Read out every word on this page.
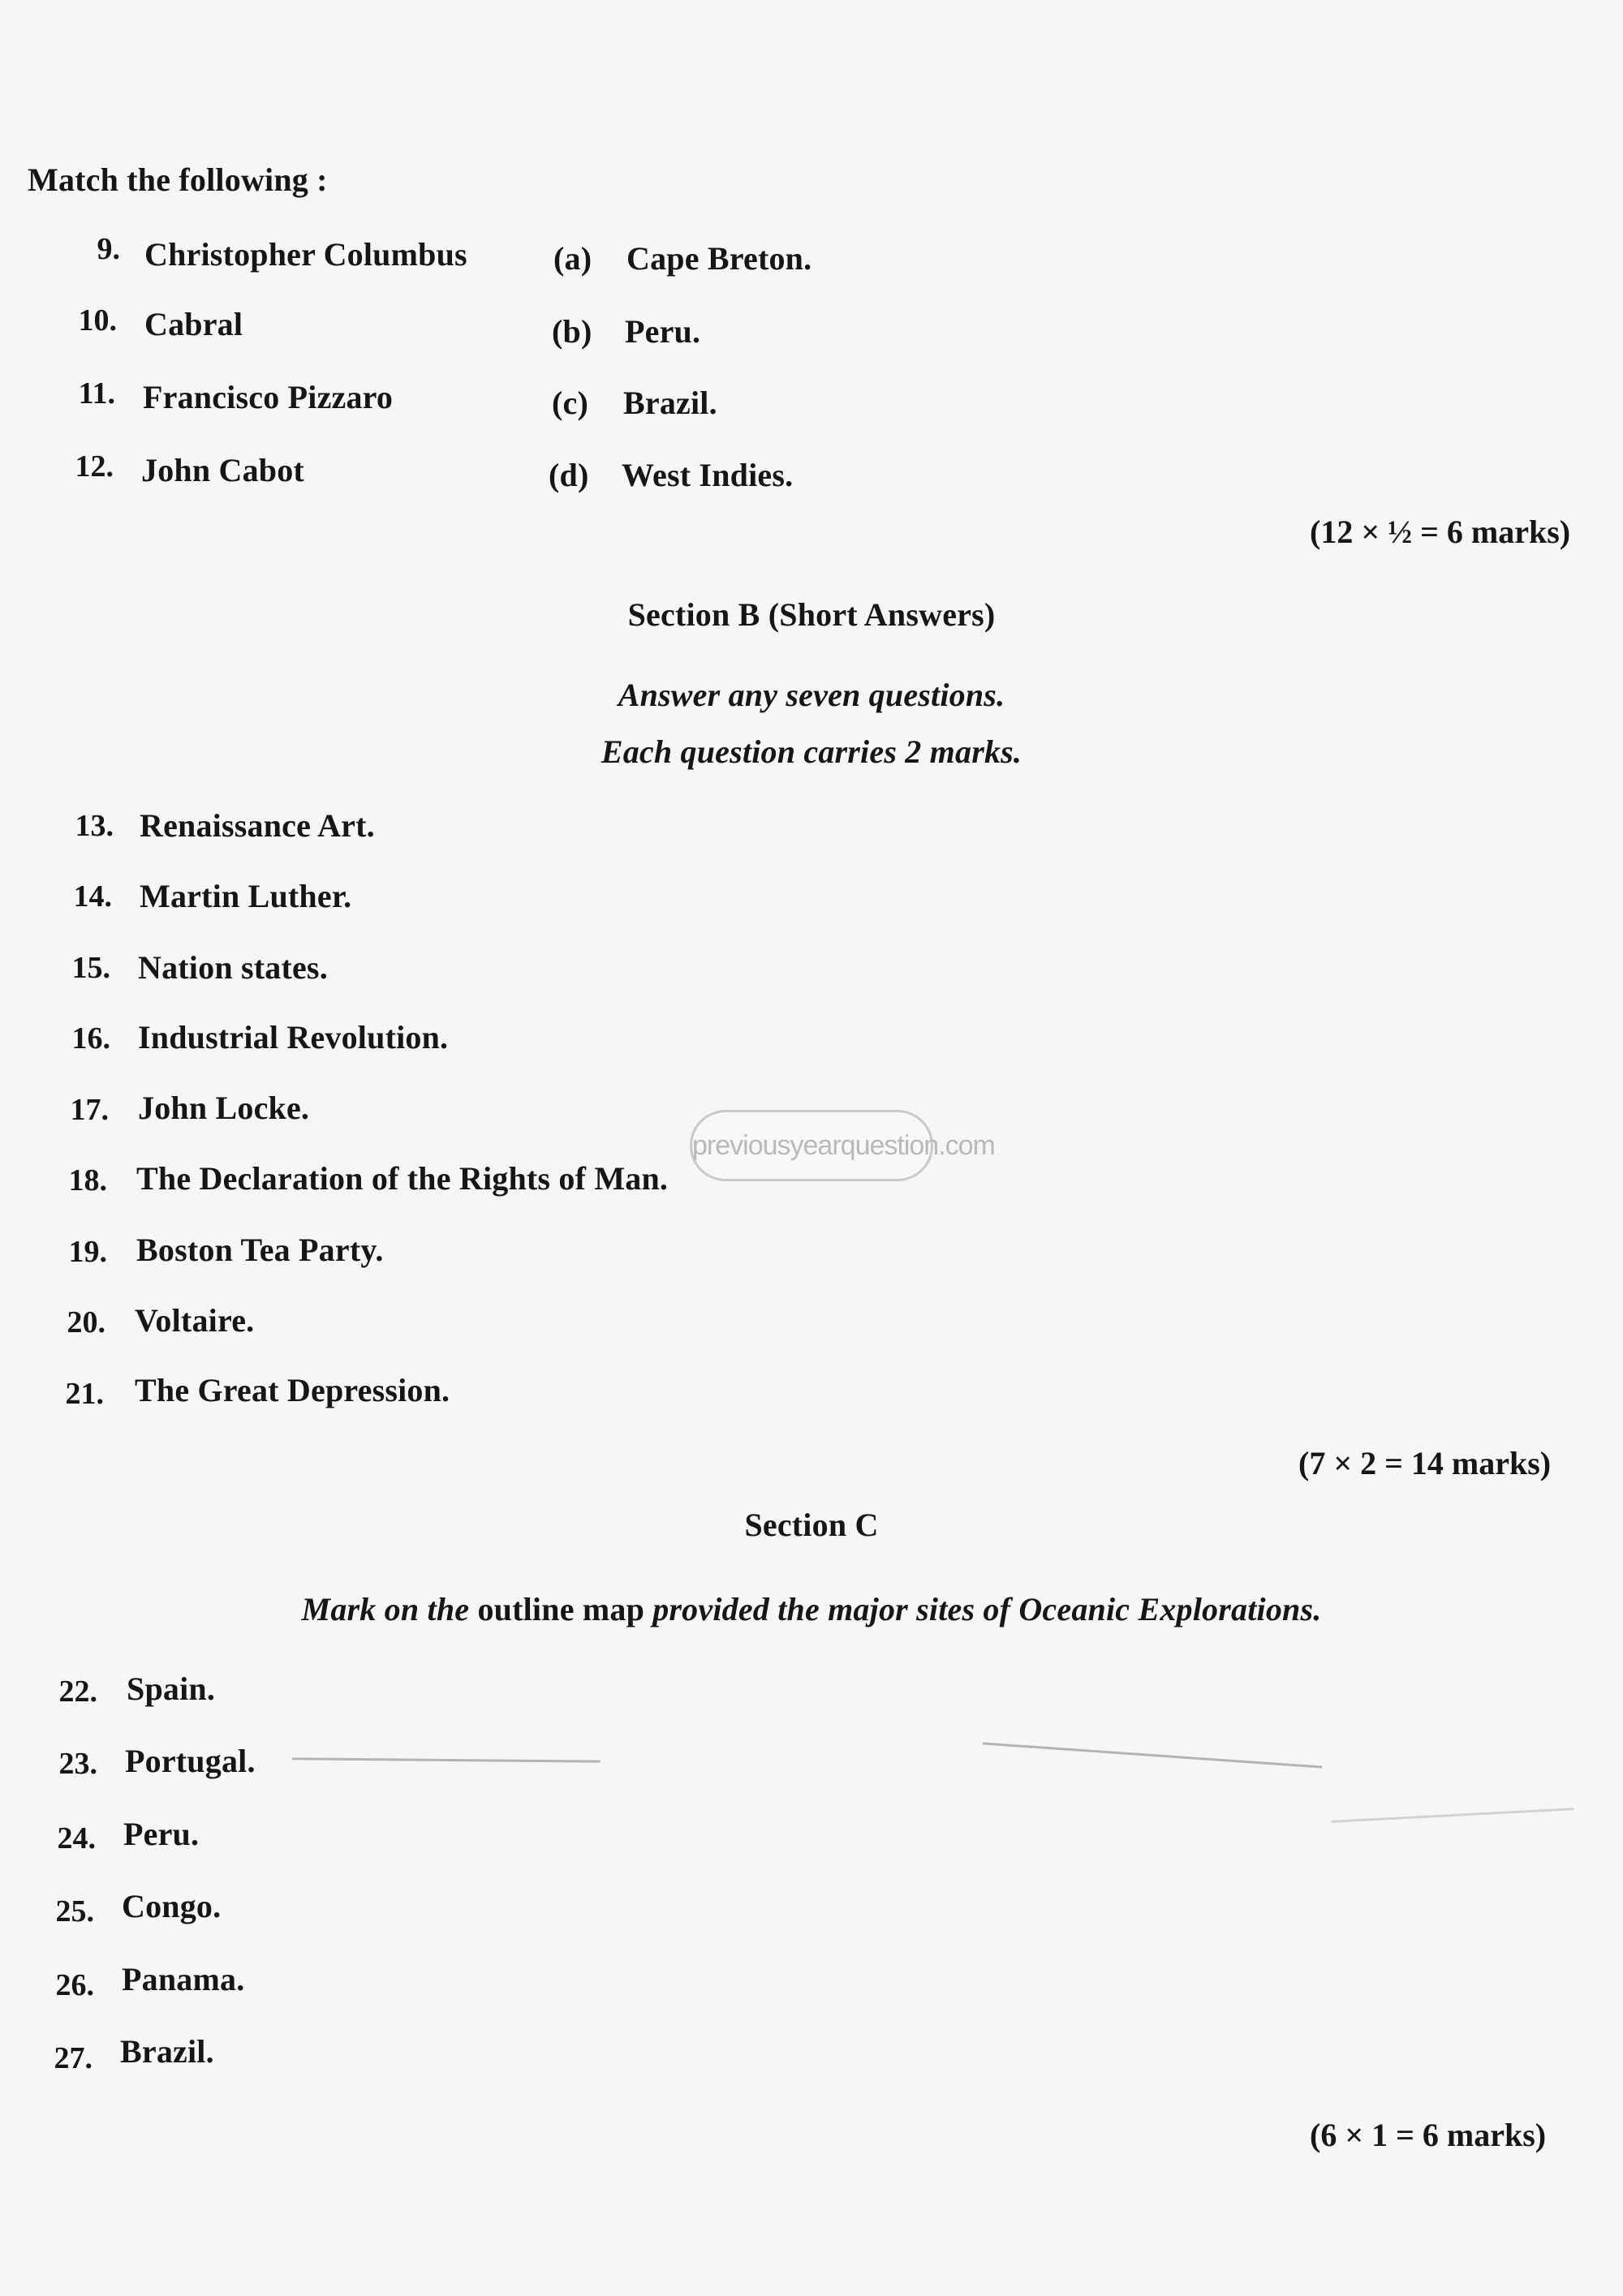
Match the following :
9. Christopher Columbus	(a) Cape Breton.
10. Cabral	(b) Peru.
11. Francisco Pizzaro	(c) Brazil.
12. John Cabot	(d) West Indies.
(12 × ½ = 6 marks)
Section B (Short Answers)
Answer any seven questions.
Each question carries 2 marks.
13. Renaissance Art.
14. Martin Luther.
15. Nation states.
16. Industrial Revolution.
17. John Locke.
18. The Declaration of the Rights of Man.
19. Boston Tea Party.
20. Voltaire.
21. The Great Depression.
(7 × 2 = 14 marks)
Section C
Mark on the outline map provided the major sites of Oceanic Explorations.
22. Spain.
23. Portugal.
24. Peru.
25. Congo.
26. Panama.
27. Brazil.
(6 × 1 = 6 marks)
previousyearquestion.com
